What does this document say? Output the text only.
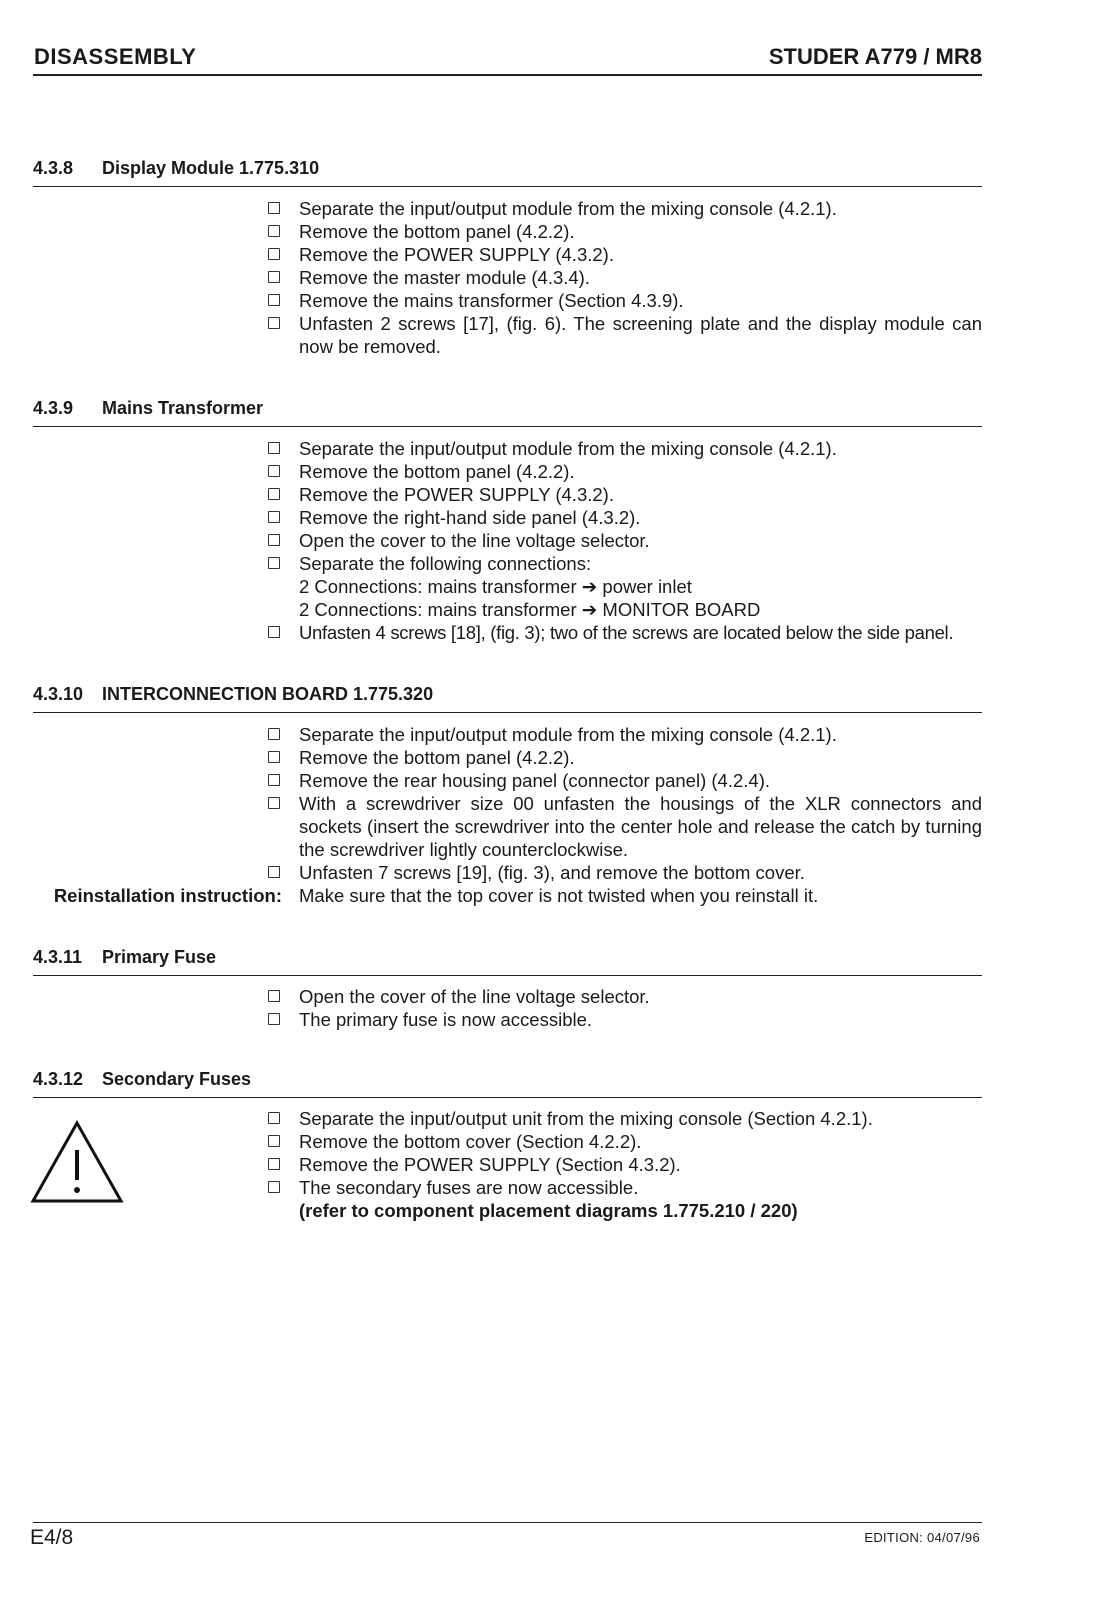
DISASSEMBLY	STUDER A779 / MR8
4.3.8 Display Module 1.775.310
Separate the input/output module from the mixing console (4.2.1).
Remove the bottom panel (4.2.2).
Remove the POWER SUPPLY (4.3.2).
Remove the master module (4.3.4).
Remove the mains transformer (Section 4.3.9).
Unfasten 2 screws [17], (fig. 6). The screening plate and the display module can now be removed.
4.3.9 Mains Transformer
Separate the input/output module from the mixing console (4.2.1).
Remove the bottom panel (4.2.2).
Remove the POWER SUPPLY (4.3.2).
Remove the right-hand side panel (4.3.2).
Open the cover to the line voltage selector.
Separate the following connections:
2 Connections: mains transformer ➔ power inlet
2 Connections: mains transformer ➔ MONITOR BOARD
Unfasten 4 screws [18], (fig. 3); two of the screws are located below the side panel.
4.3.10 INTERCONNECTION BOARD 1.775.320
Separate the input/output module from the mixing console (4.2.1).
Remove the bottom panel (4.2.2).
Remove the rear housing panel (connector panel) (4.2.4).
With a screwdriver size 00 unfasten the housings of the XLR connectors and sockets (insert the screwdriver into the center hole and release the catch by turning the screwdriver lightly counterclockwise.
Unfasten 7 screws [19], (fig. 3), and remove the bottom cover.
Make sure that the top cover is not twisted when you reinstall it.
Reinstallation instruction:
4.3.11 Primary Fuse
Open the cover of the line voltage selector.
The primary fuse is now accessible.
4.3.12 Secondary Fuses
Separate the input/output unit from the mixing console (Section 4.2.1).
Remove the bottom cover (Section 4.2.2).
Remove the POWER SUPPLY (Section 4.3.2).
The secondary fuses are now accessible.
(refer to component placement diagrams 1.775.210 / 220)
E4/8	EDITION: 04/07/96
